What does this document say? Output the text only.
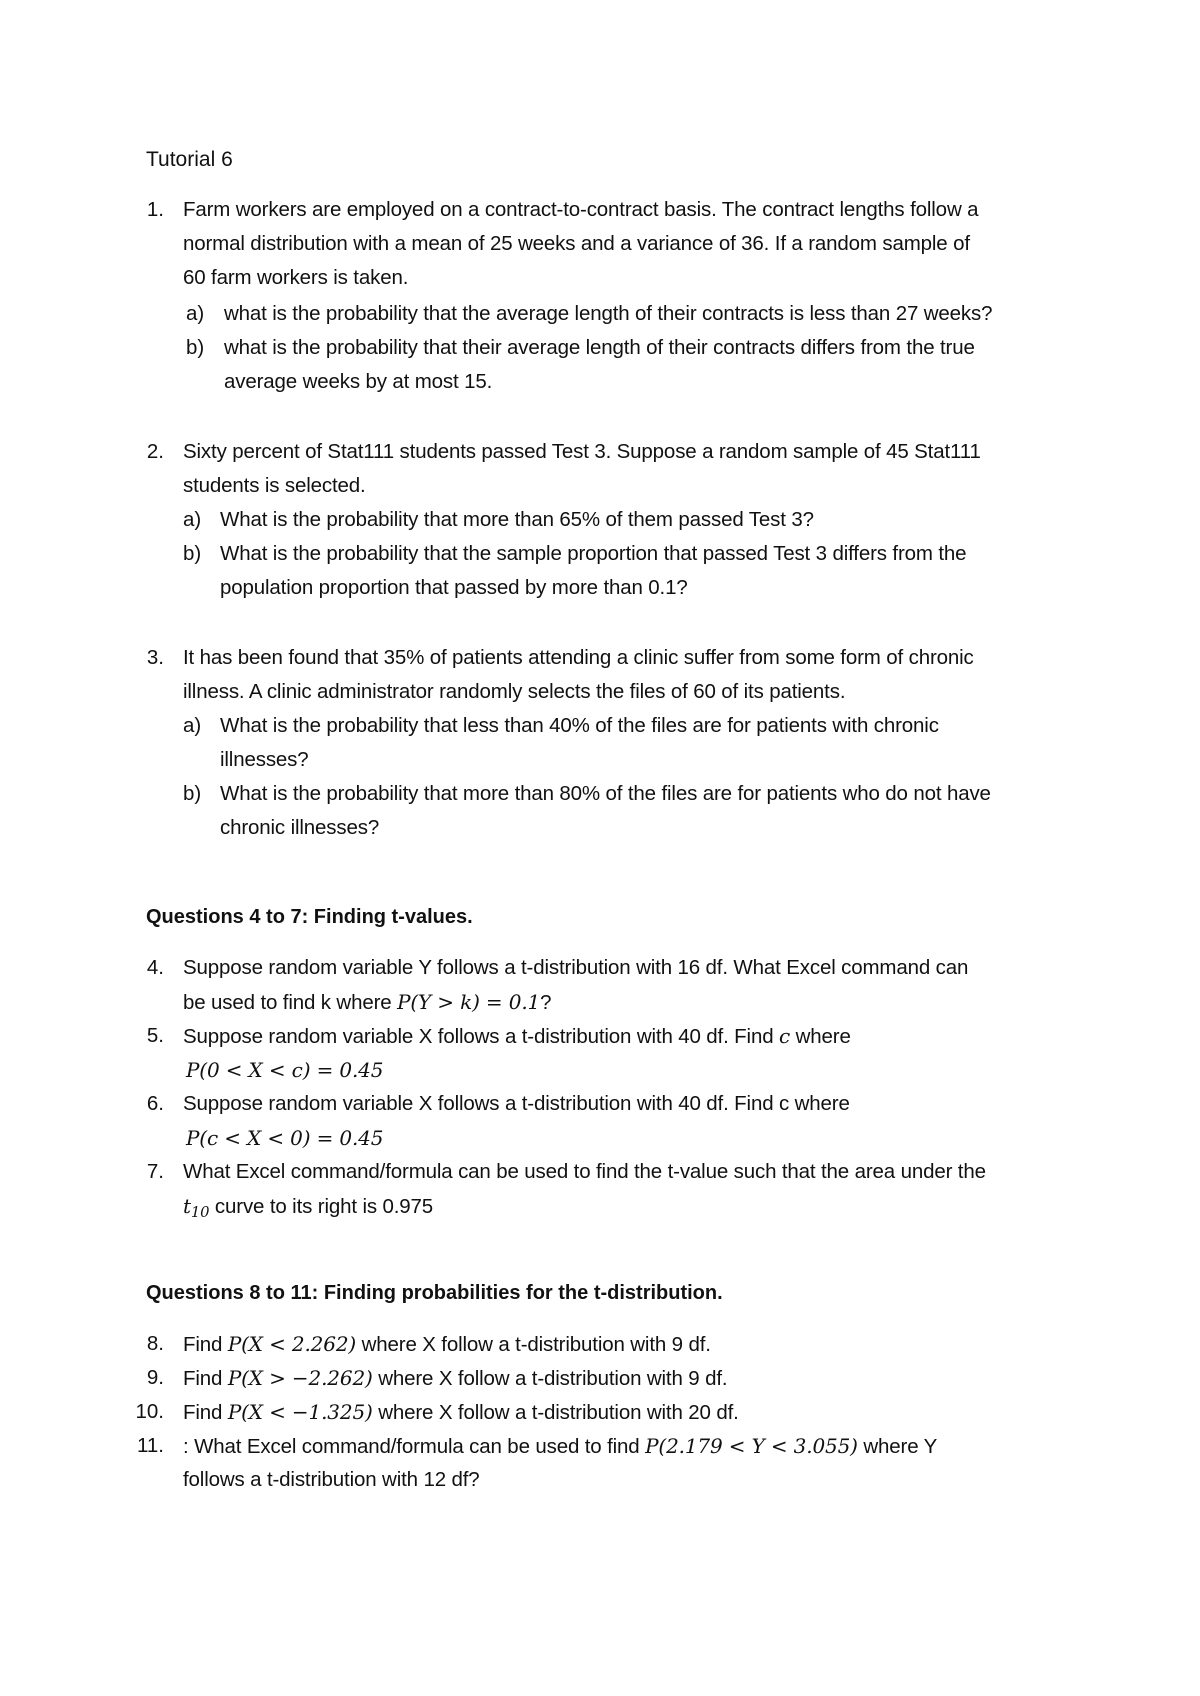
Tutorial 6
1. Farm workers are employed on a contract-to-contract basis. The contract lengths follow a
normal distribution with a mean of 25 weeks and a variance of 36. If a random sample of
60 farm workers is taken.
a) what is the probability that the average length of their contracts is less than 27 weeks?
b) what is the probability that their average length of their contracts differs from the true
average weeks by at most 15.
2. Sixty percent of Stat111 students passed Test 3. Suppose a random sample of 45 Stat111
students is selected.
a) What is the probability that more than 65% of them passed Test 3?
b) What is the probability that the sample proportion that passed Test 3 differs from the
population proportion that passed by more than 0.1?
3. It has been found that 35% of patients attending a clinic suffer from some form of chronic
illness. A clinic administrator randomly selects the files of 60 of its patients.
a) What is the probability that less than 40% of the files are for patients with chronic
illnesses?
b) What is the probability that more than 80% of the files are for patients who do not have
chronic illnesses?
Questions 4 to 7: Finding t-values.
4. Suppose random variable Y follows a t-distribution with 16 df. What Excel command can
be used to find k where P(Y > k) = 0.1?
5. Suppose random variable X follows a t-distribution with 40 df. Find c where
P(0 < X < c) = 0.45
6. Suppose random variable X follows a t-distribution with 40 df. Find c where
P(c < X < 0) = 0.45
7. What Excel command/formula can be used to find the t-value such that the area under the
t10 curve to its right is 0.975
Questions 8 to 11: Finding probabilities for the t-distribution.
8. Find P(X < 2.262) where X follow a t-distribution with 9 df.
9. Find P(X > −2.262) where X follow a t-distribution with 9 df.
10. Find P(X < −1.325) where X follow a t-distribution with 20 df.
11. : What Excel command/formula can be used to find P(2.179 < Y < 3.055) where Y
follows a t-distribution with 12 df?
